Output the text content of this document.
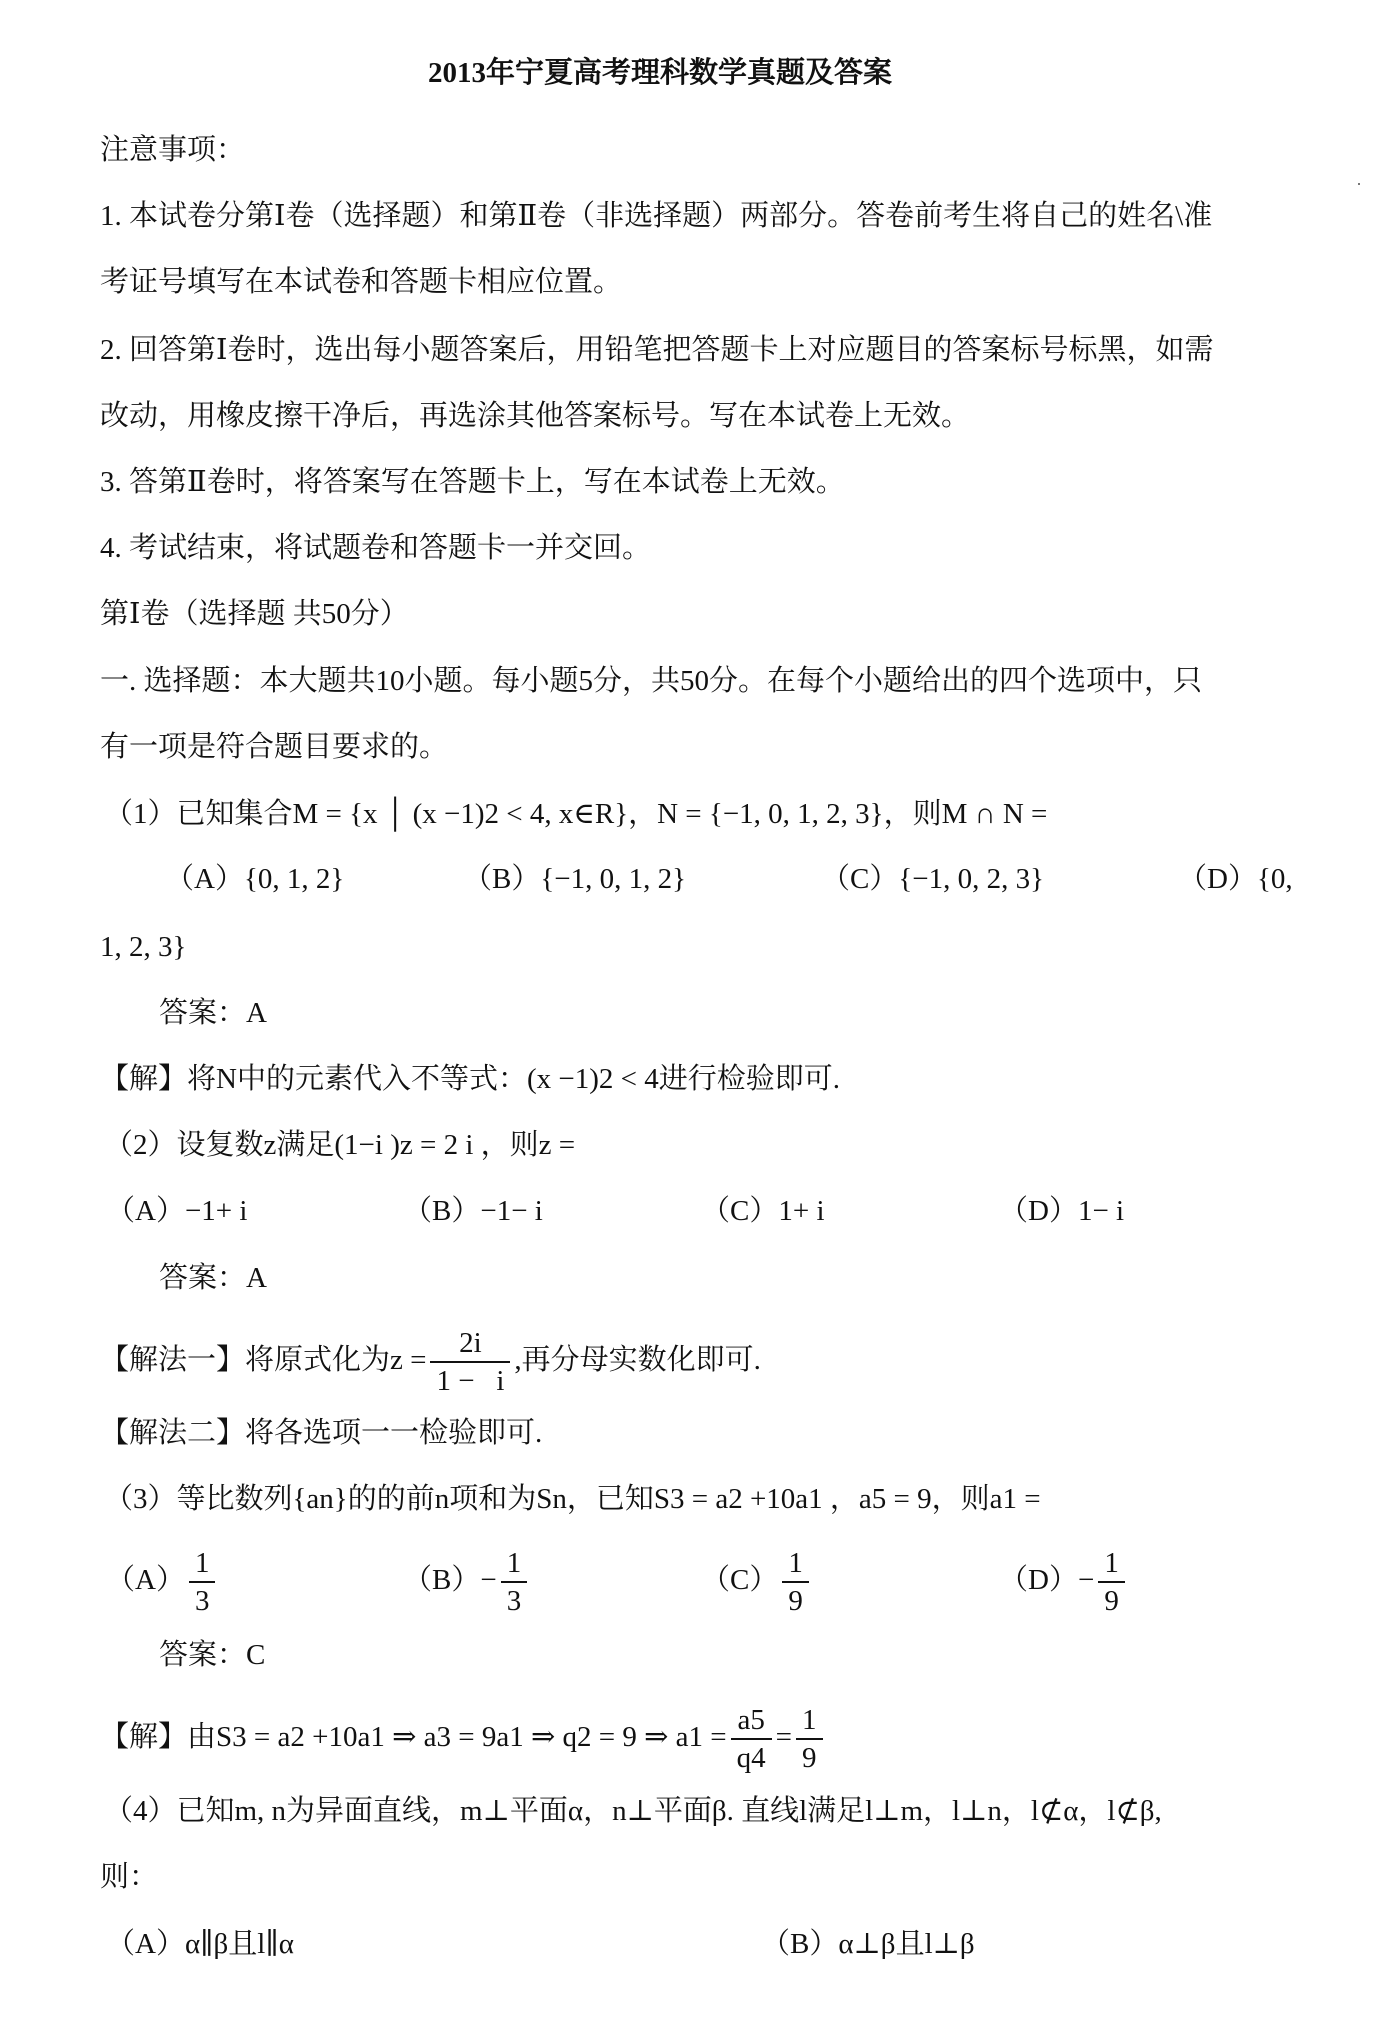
2013年宁夏高考理科数学真题及答案
注意事项：
1. 本试卷分第Ⅰ卷（选择题）和第Ⅱ卷（非选择题）两部分。答卷前考生将自己的姓名\准
考证号填写在本试卷和答题卡相应位置。
2. 回答第Ⅰ卷时，选出每小题答案后，用铅笔把答题卡上对应题目的答案标号标黑，如需
改动，用橡皮擦干净后，再选涂其他答案标号。写在本试卷上无效。
3. 答第Ⅱ卷时，将答案写在答题卡上，写在本试卷上无效。
4. 考试结束，将试题卷和答题卡一并交回。
第Ⅰ卷（选择题 共50分）
一. 选择题：本大题共10小题。每小题5分，共50分。在每个小题给出的四个选项中，只
有一项是符合题目要求的。
（1）已知集合M = {x │ (x −1)2 < 4, x∈R}，N = {−1, 0, 1, 2, 3}，则M ∩ N =
（A）{0, 1, 2}	（B）{−1, 0, 1, 2}	（C）{−1, 0, 2, 3}	（D）{0,
1, 2, 3}
答案：A
【解】将N中的元素代入不等式：(x −1)2 < 4进行检验即可.
（2）设复数z满足(1−i )z = 2 i ，则z =
（A）−1+ i	（B）−1− i	（C）1+ i	（D）1− i
答案：A
【解法一】将原式化为$z = \frac{2i}{1 - i}$ ,再分母实数化即可.
【解法二】将各选项一一检验即可.
（3）等比数列{an}的的前n项和为Sn，已知S3 = a2 +10a1 ，a5 = 9，则a1 =
$(A) \frac{1}{3}$	$(B)- \frac{1}{3}$	$(C) \frac{1}{9}$	$(D)- \frac{1}{9}$
答案：C
【解】由S3 = a2 +10a1 ⇒ a3 = 9a1 ⇒ q2 = 9 ⇒ $a1 = \frac{a5}{q4} = \frac{1}{9}$
（4）已知m, n为异面直线，m⊥平面α，n⊥平面β. 直线l满足l⊥m，l⊥n，l⊄α，l⊄β,
则：
（A）α∥β且l∥α	（B）α⊥β且l⊥β
